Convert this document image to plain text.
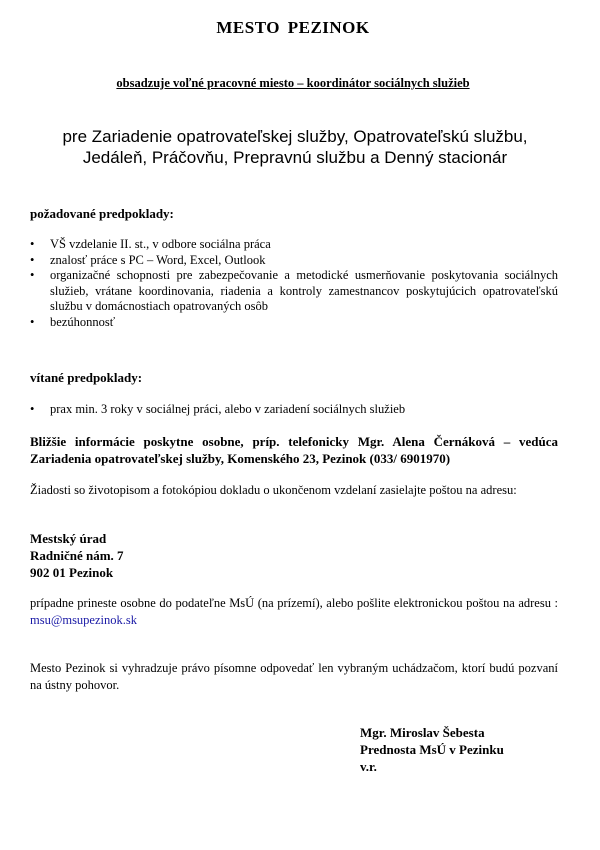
MESTO PEZINOK
obsadzuje voľné pracovné miesto – koordinátor sociálnych služieb
pre Zariadenie opatrovateľskej služby, Opatrovateľskú službu, Jedáleň, Práčovňu, Prepravnú službu a Denný stacionár
požadované predpoklady:
•	VŠ vzdelanie II. st., v odbore sociálna práca
•	znalosť práce s PC – Word, Excel, Outlook
•	organizačné schopnosti pre zabezpečovanie a metodické usmerňovanie poskytovania sociálnych služieb, vrátane koordinovania, riadenia a kontroly zamestnancov poskytujúcich opatrovateľskú službu v domácnostiach opatrovaných osôb
•	bezúhonnosť
vítané predpoklady:
•	prax min. 3 roky v sociálnej práci, alebo v zariadení sociálnych služieb
Bližšie informácie poskytne osobne, príp. telefonicky Mgr. Alena Černáková – vedúca Zariadenia opatrovateľskej služby, Komenského 23, Pezinok (033/ 6901970)
Žiadosti so životopisom a fotokópiou dokladu o ukončenom vzdelaní zasielajte poštou na adresu:
Mestský úrad
Radničné nám. 7
902 01 Pezinok
prípadne prineste osobne do podateľne MsÚ (na prízemí), alebo pošlite elektronickou poštou na adresu : msu@msupezinok.sk
Mesto Pezinok si vyhradzuje právo písomne odpovedať len vybraným uchádzačom, ktorí budú pozvaní na ústny pohovor.
Mgr. Miroslav Šebesta
Prednosta MsÚ v Pezinku
v.r.
